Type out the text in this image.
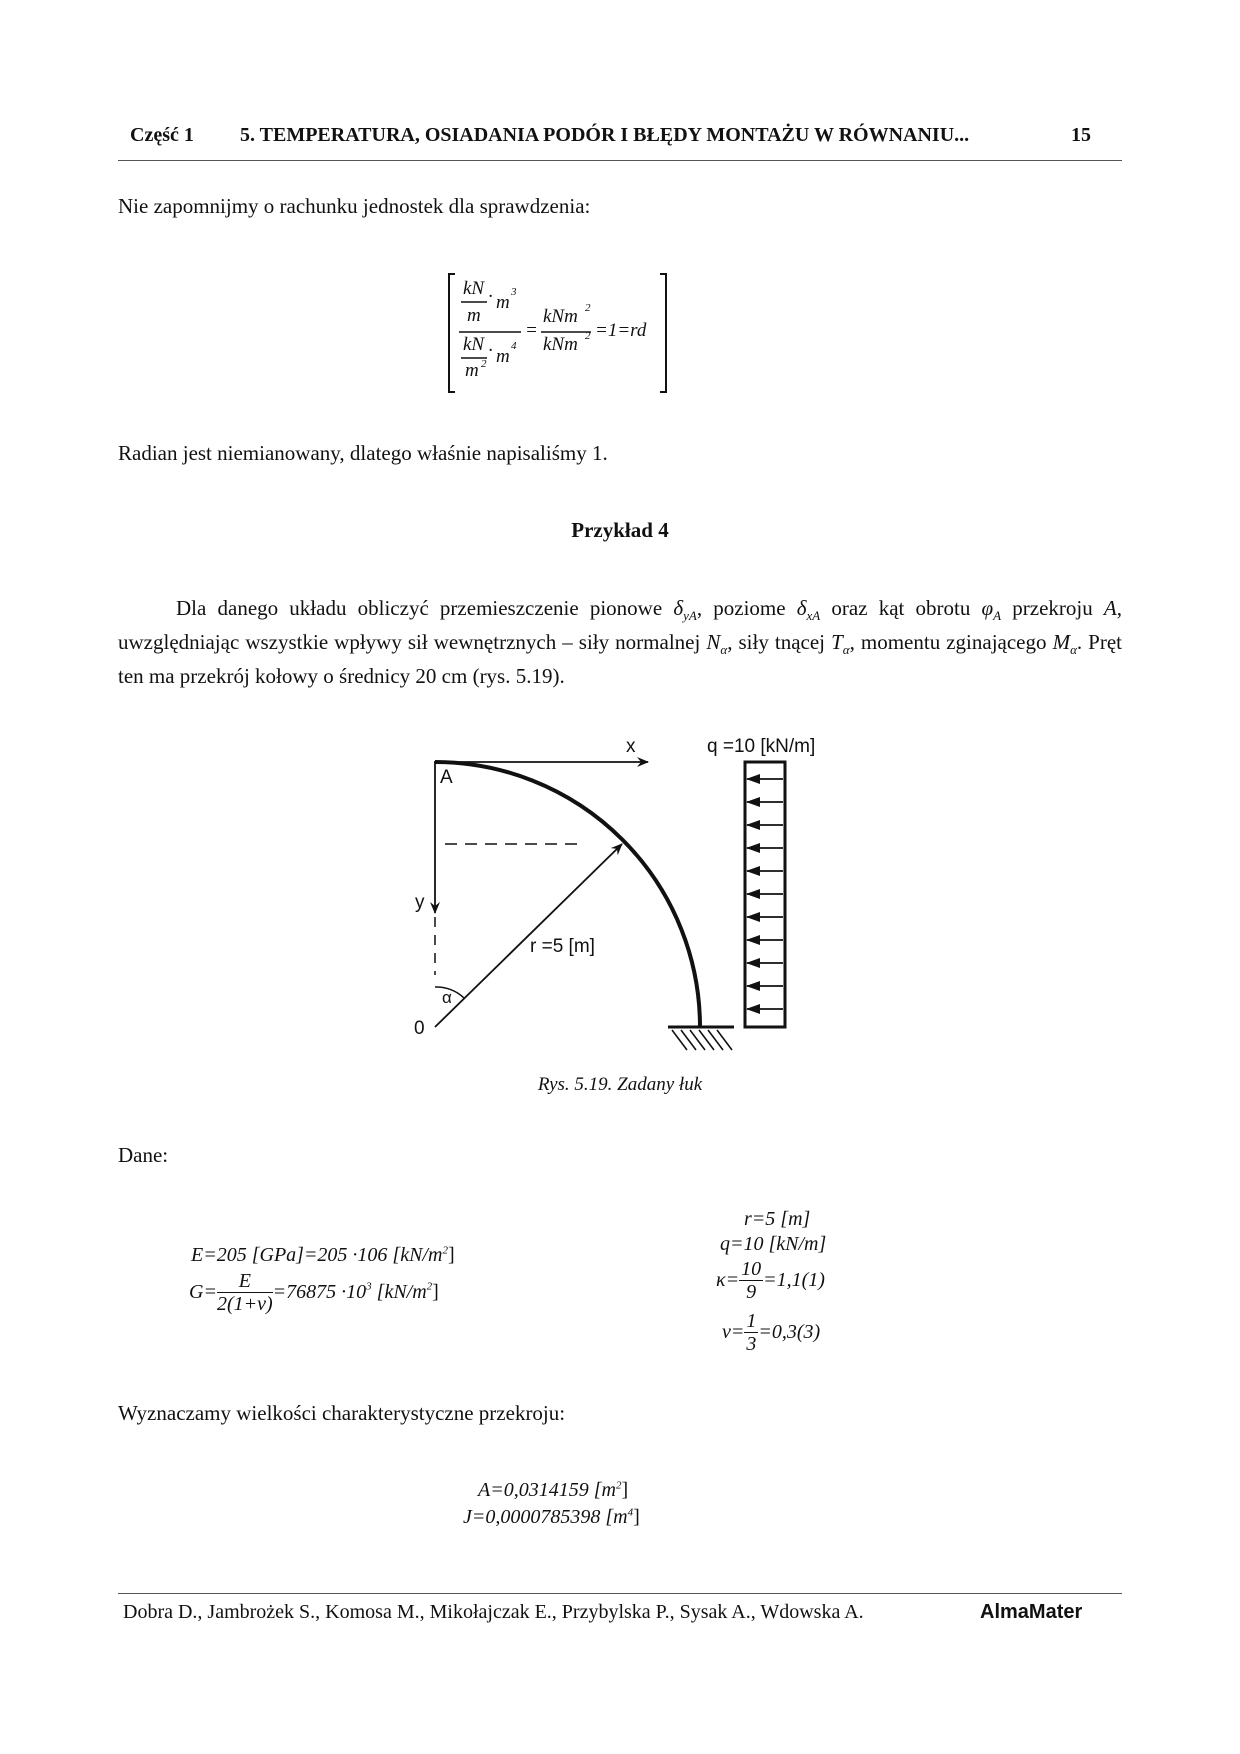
Część 1 5. TEMPERATURA, OSIADANIA PODÓR I BŁĘDY MONTAŻU W RÓWNANIU...	15
Nie zapomnijmy o rachunku jednostek dla sprawdzenia:
kN
m
· m 3
kN
m 2
· m 4
=
kNm 2
kNm 2 =1=rd
Radian jest niemianowany, dlatego właśnie napisaliśmy 1.
Przykład 4
Dla danego układu obliczyć przemieszczenie pionowe $\delta_{yA}$, poziome $\delta_{xA}$ oraz kąt obrotu $\varphi_A$ przekroju A, uwzględniając wszystkie wpływy sił wewnętrznych – siły normalnej $N_\alpha$, siły tnącej $T_\alpha$, momentu zginającego $M_\alpha$. Pręt ten ma przekrój kołowy o średnicy 20 cm (rys. 5.19).
x
A
y
0
α
r =5 [m]
q =10 [kN/m]
Rys. 5.19. Zadany łuk
Dane:
E=205 [GPa]=205 ·106 $[kN/m^2]$
$G= \frac{E}{2(1+\nu)} =76875 \cdot 10^3$ $[kN/m^2]$
r=5 [m]
q=10 [kN/m]
$\kappa= \frac{10}{9} =1,1(1)$
$\nu= \frac{1}{3} =0,3(3)$
Wyznaczamy wielkości charakterystyczne przekroju:
A=0,0314159 $[m^2]$
J=0,0000785398 $[m^4]$
Dobra D., Jambrożek S., Komosa M., Mikołajczak E., Przybylska P., Sysak A., Wdowska A.	AlmaMater
